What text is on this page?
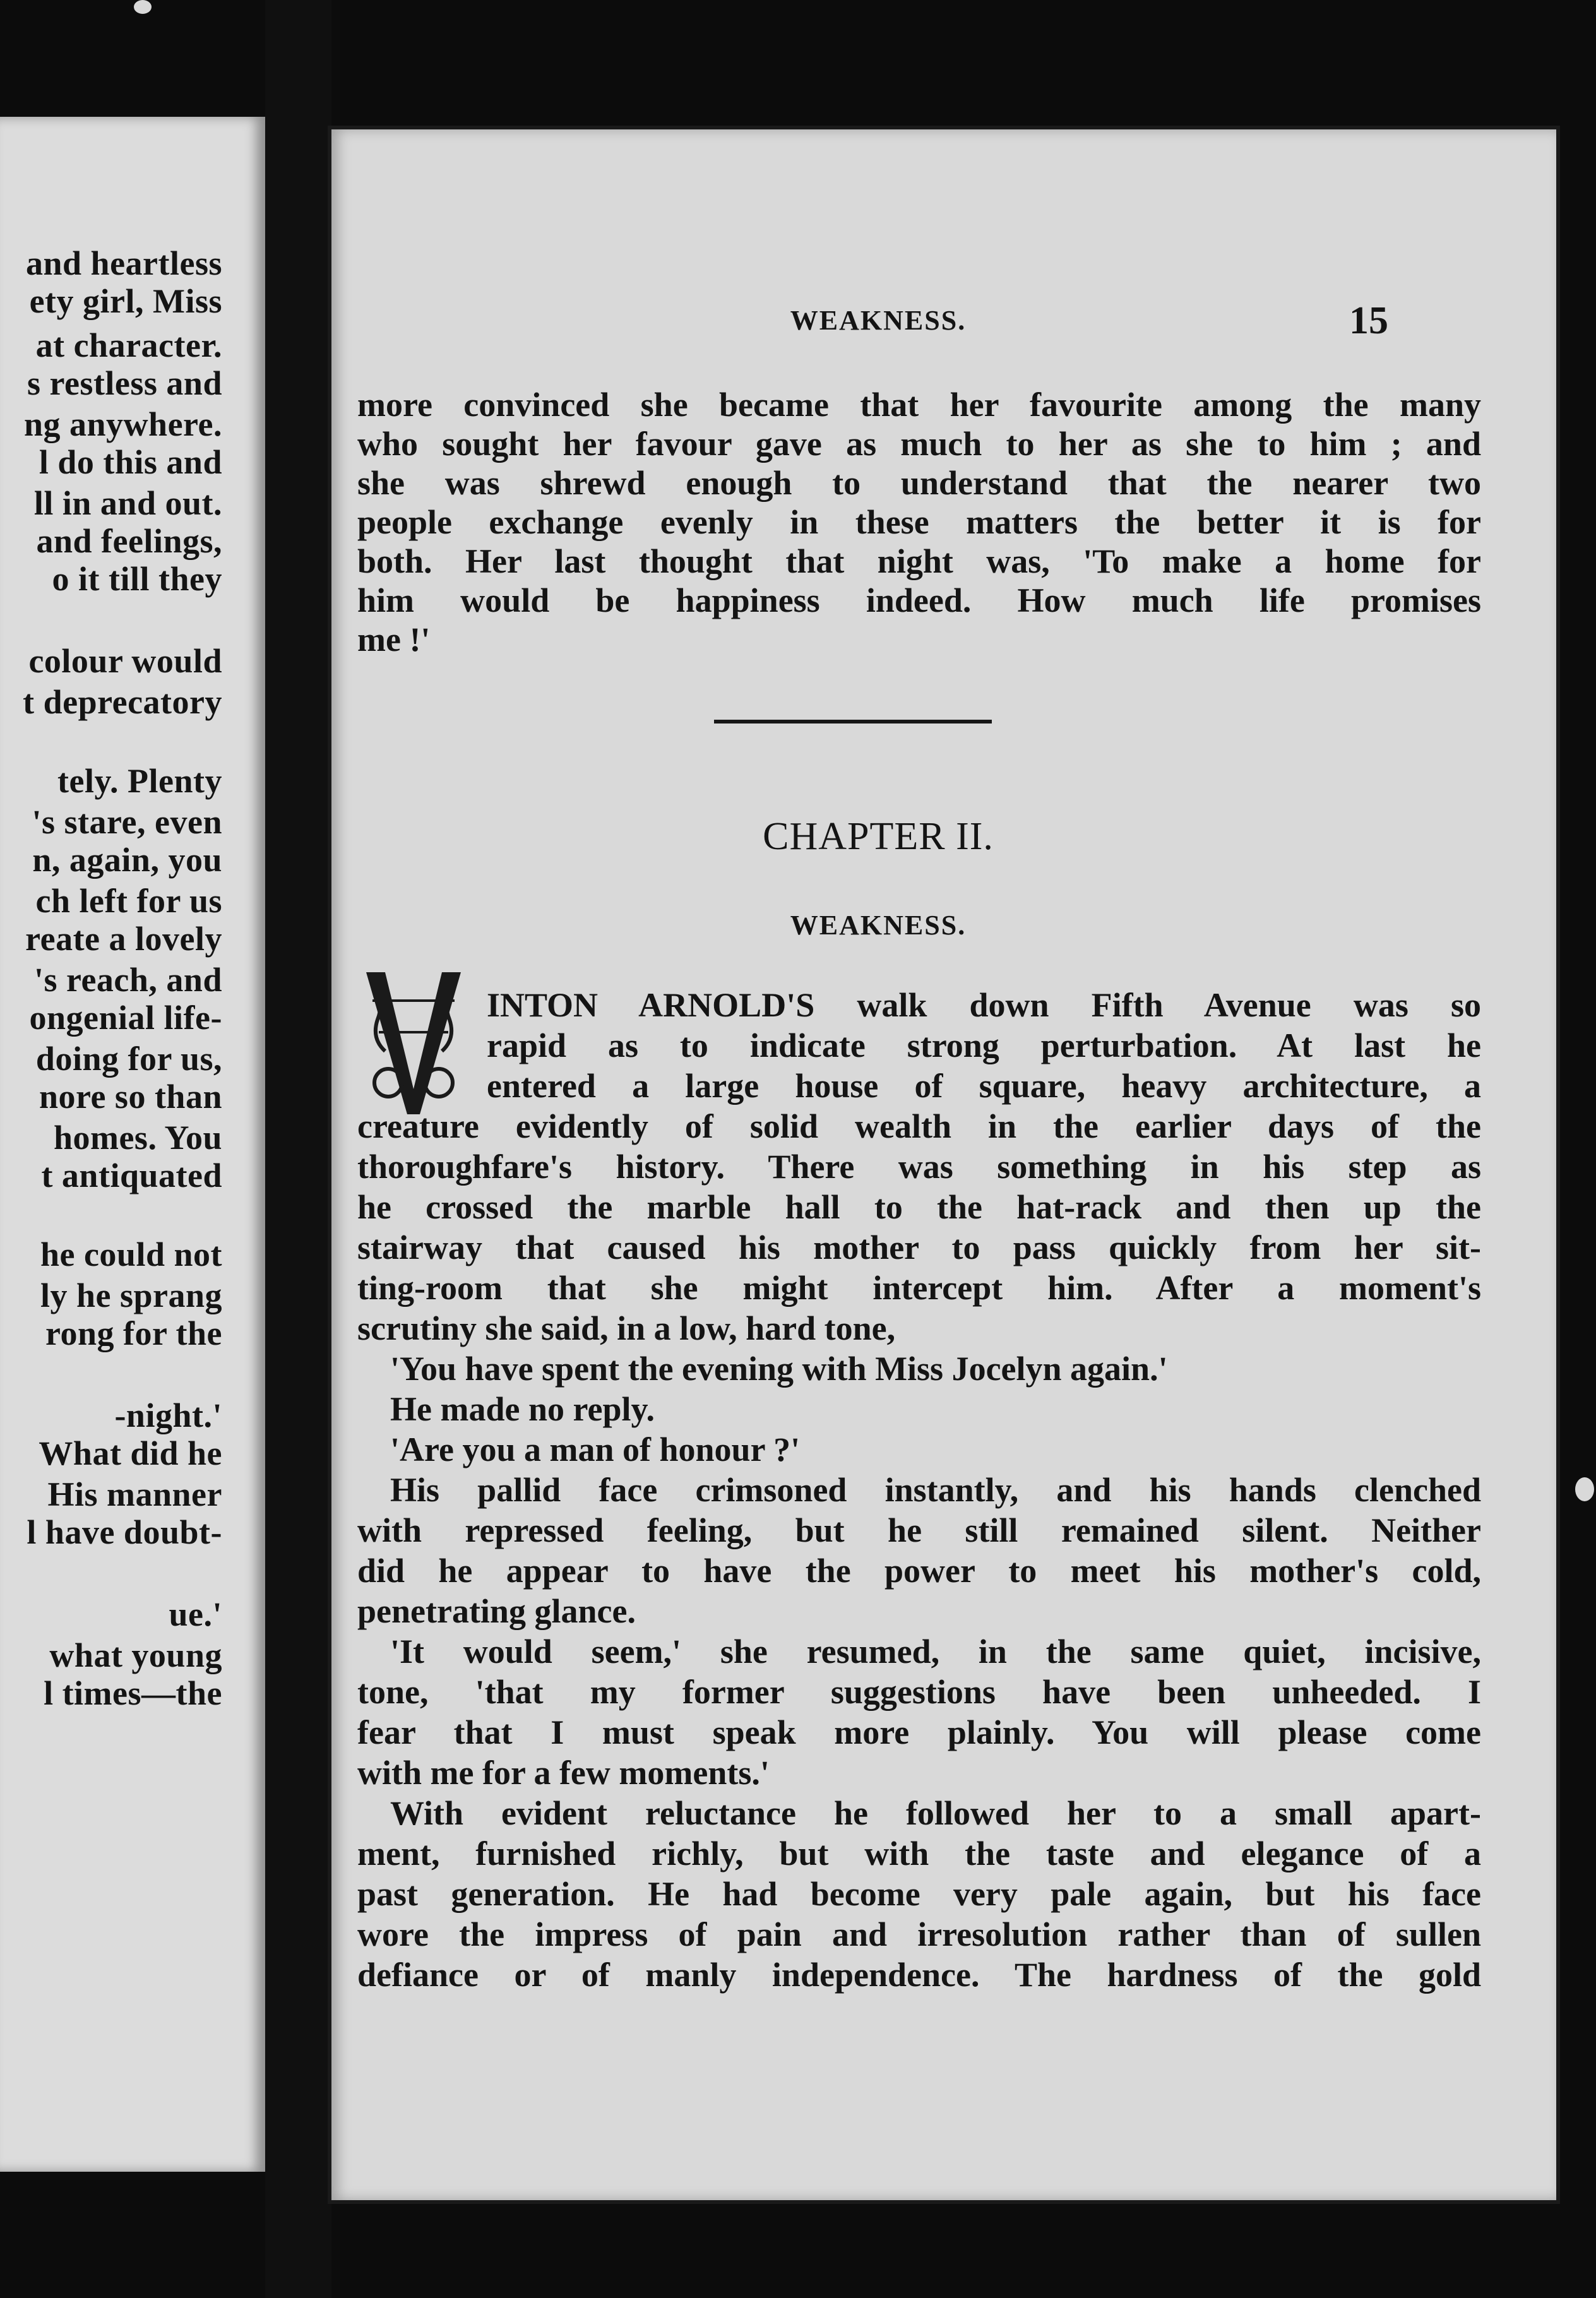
and heartless
ety girl, Miss
at character.
s restless and
ng anywhere.
l do this and
ll in and out.
and feelings,
o it till they
colour would
t deprecatory
tely. Plenty
's stare, even
n, again, you
ch left for us
reate a lovely
's reach, and
ongenial life-
doing for us,
nore so than
homes. You
t antiquated
he could not
ly he sprang
rong for the
-night.'
What did he
His manner
l have doubt-
ue.'
what young
l times—the
WEAKNESS.	15
more convinced she became that her favourite among the many
who sought her favour gave as much to her as she to him ; and
she was shrewd enough to understand that the nearer two
people exchange evenly in these matters the better it is for
both. Her last thought that night was, 'To make a home for
him would be happiness indeed. How much life promises
me !'
CHAPTER II.
WEAKNESS.
INTON ARNOLD'S walk down Fifth Avenue was so
rapid as to indicate strong perturbation. At last he
entered a large house of square, heavy architecture, a
creature evidently of solid wealth in the earlier days of the
thoroughfare's history. There was something in his step as
he crossed the marble hall to the hat-rack and then up the
stairway that caused his mother to pass quickly from her sit-
ting-room that she might intercept him. After a moment's
scrutiny she said, in a low, hard tone,
'You have spent the evening with Miss Jocelyn again.'
He made no reply.
'Are you a man of honour ?'
His pallid face crimsoned instantly, and his hands clenched
with repressed feeling, but he still remained silent. Neither
did he appear to have the power to meet his mother's cold,
penetrating glance.
'It would seem,' she resumed, in the same quiet, incisive,
tone, 'that my former suggestions have been unheeded. I
fear that I must speak more plainly. You will please come
with me for a few moments.'
With evident reluctance he followed her to a small apart-
ment, furnished richly, but with the taste and elegance of a
past generation. He had become very pale again, but his face
wore the impress of pain and irresolution rather than of sullen
defiance or of manly independence. The hardness of the gold
